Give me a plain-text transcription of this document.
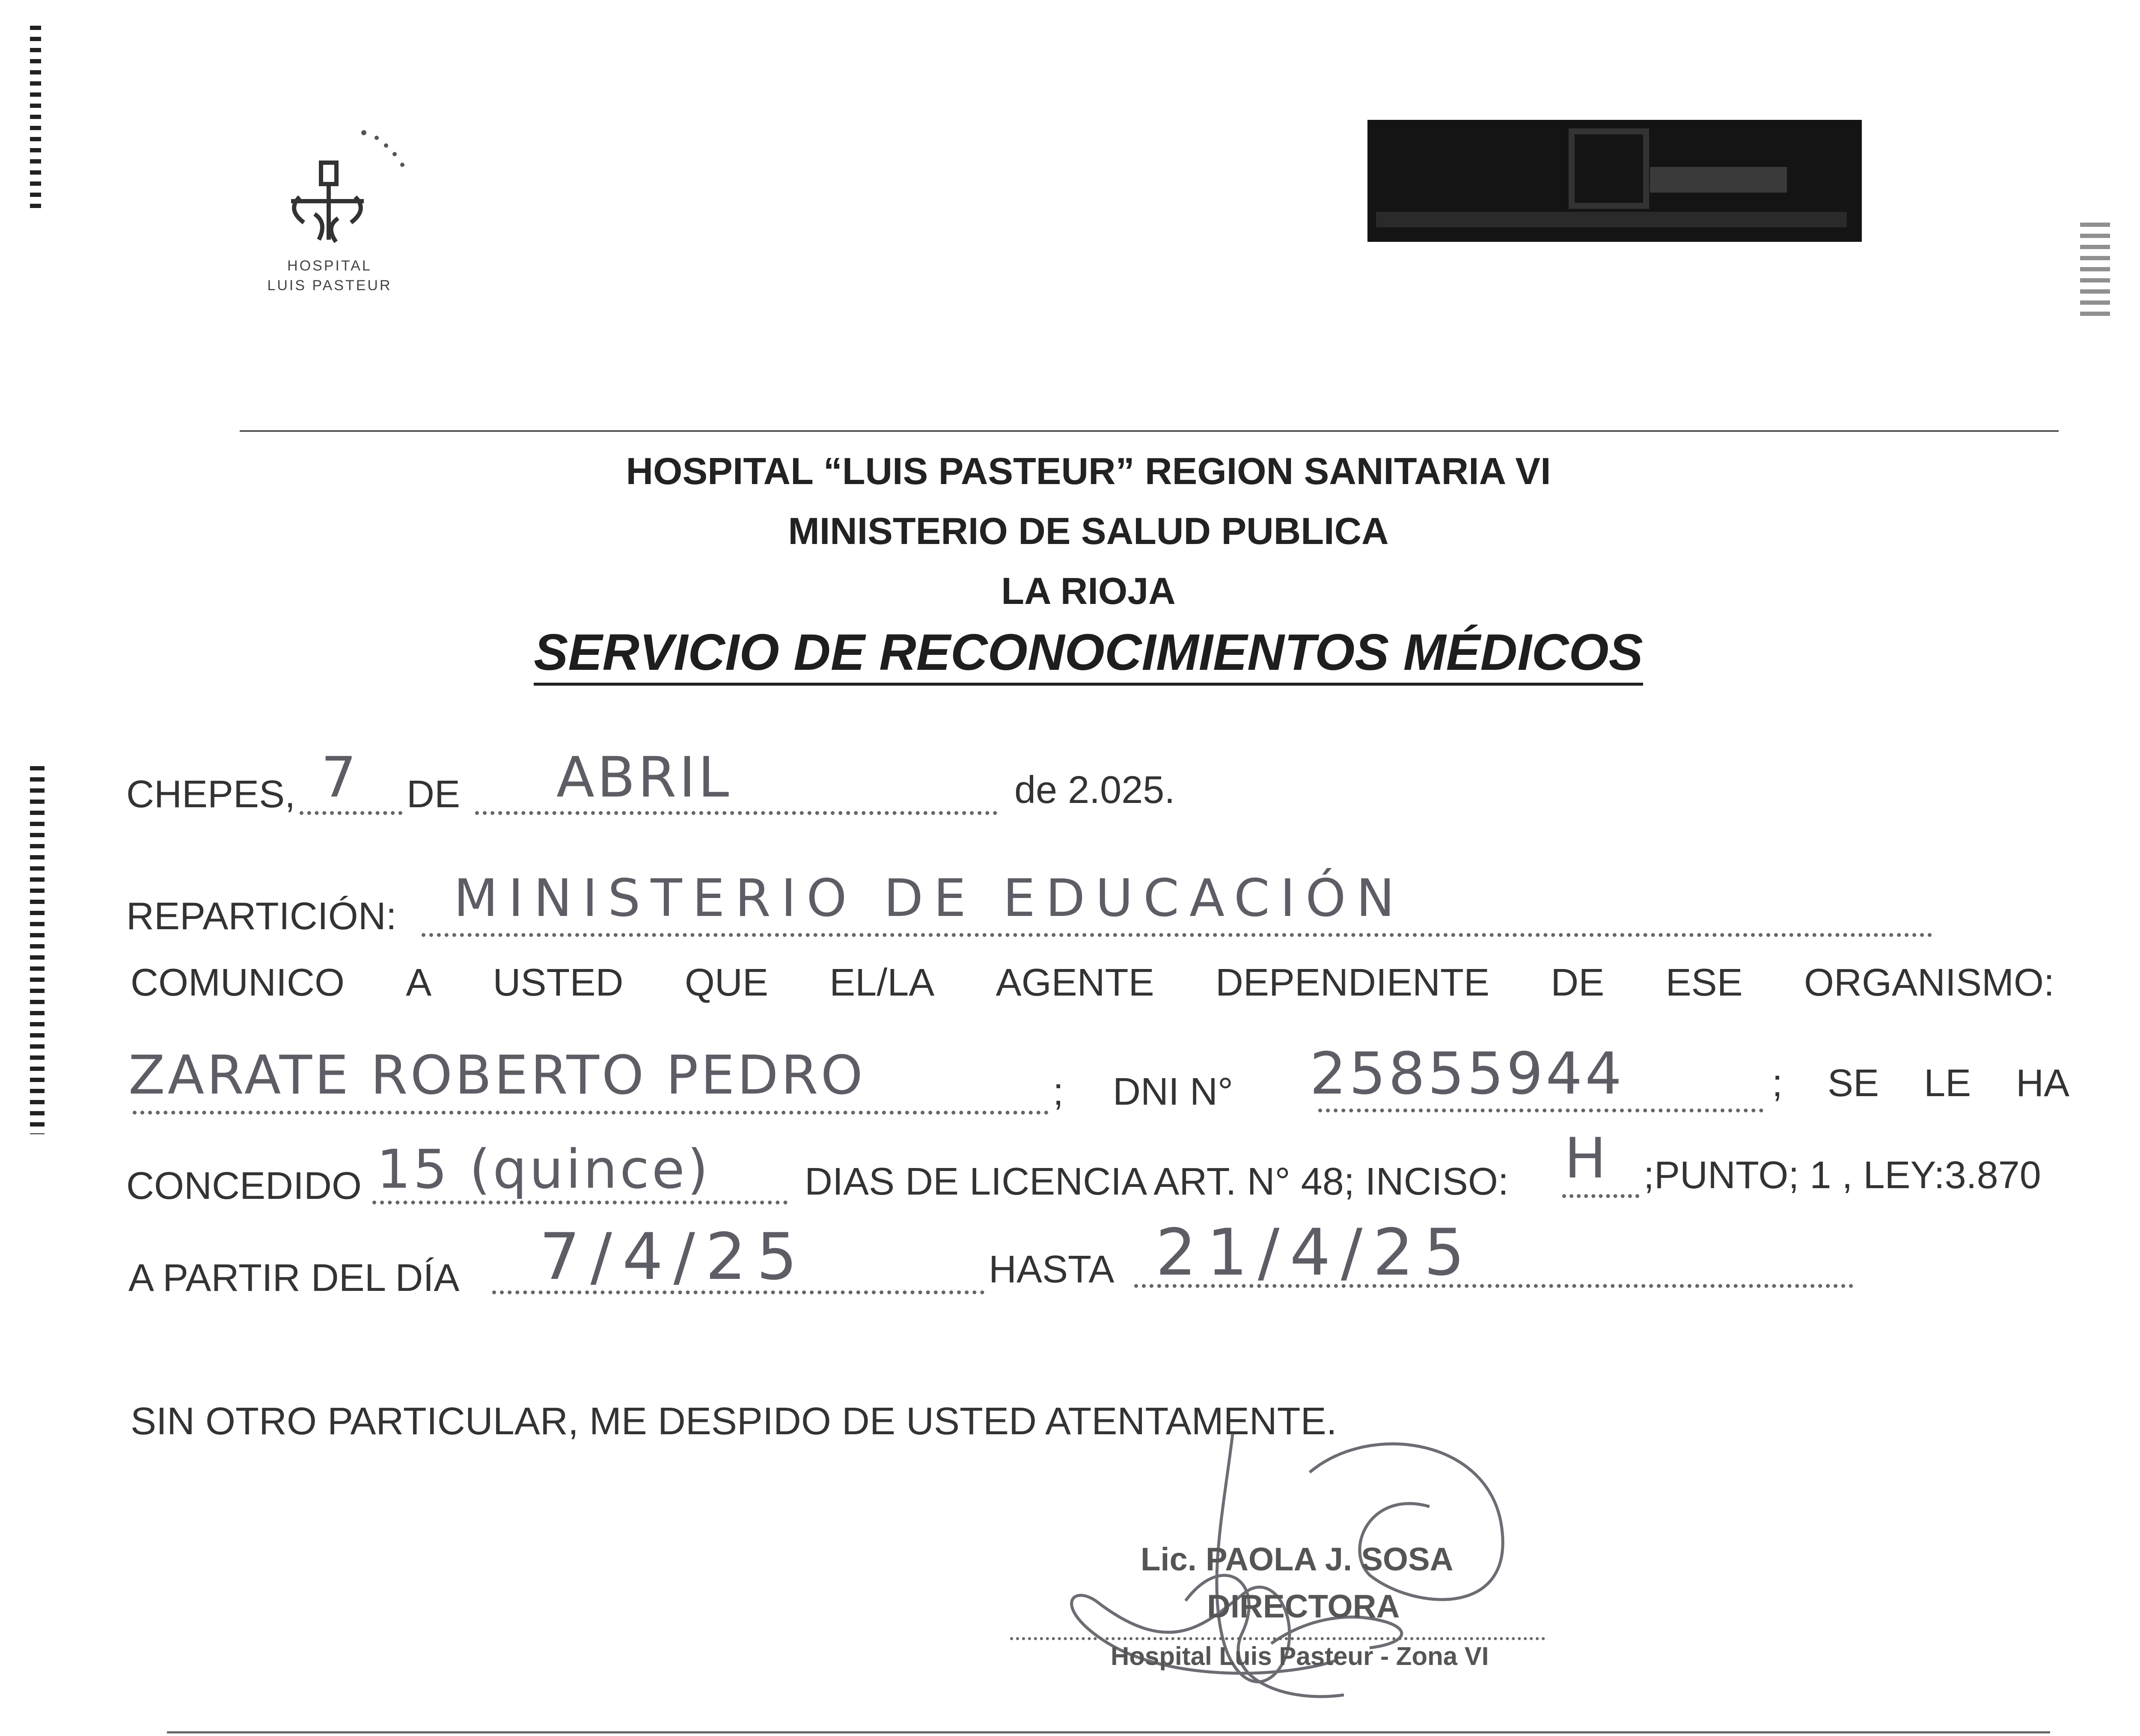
HOSPITAL
LUIS PASTEUR
HOSPITAL “LUIS PASTEUR” REGION SANITARIA VI
MINISTERIO DE SALUD PUBLICA
LA RIOJA
SERVICIO DE RECONOCIMIENTOS MÉDICOS
CHEPES, 7 DE ABRIL	de 2.025.
REPARTICIÓN: MINISTERIO DE EDUCACIÓN
COMUNICO A USTED QUE EL/LA AGENTE DEPENDIENTE DE ESE ORGANISMO:
ZARATE ROBERTO PEDRO	; DNI N° 25855944	; SE LE HA
CONCEDIDO 15 (quince) DIAS DE LICENCIA ART. N° 48; INCISO: H ;PUNTO; 1 , LEY:3.870
A PARTIR DEL DÍA 7/4/25	HASTA 21/4/25
SIN OTRO PARTICULAR, ME DESPIDO DE USTED ATENTAMENTE.
Lic. PAOLA J. SOSA
DIRECTORA
Hospital Luis Pasteur - Zona VI
